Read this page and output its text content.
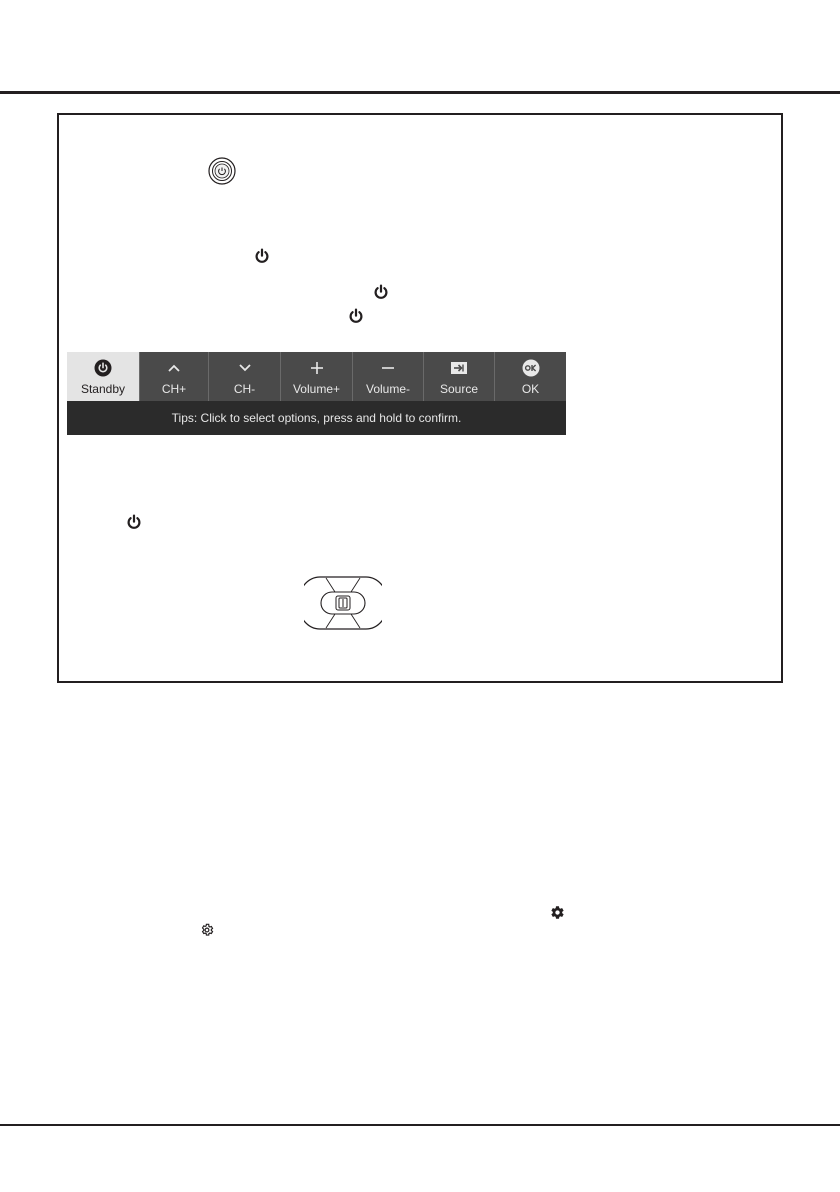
Standby	CH+	CH-	Volume+ Volume- Source	OK
Tips: Click to select options, press and hold to confirm.
